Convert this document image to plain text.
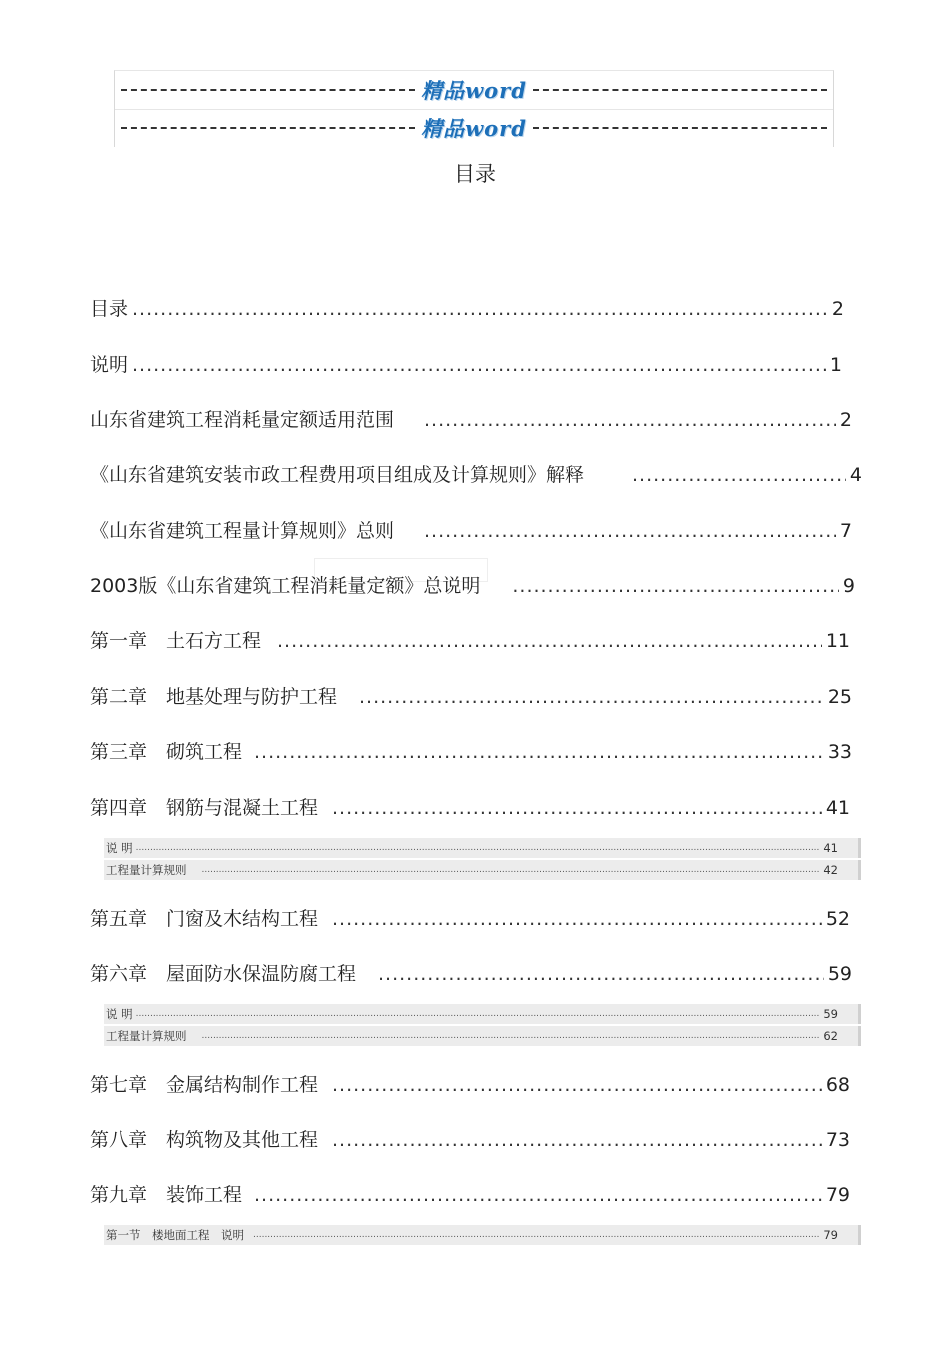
精品word
精品word
目录
目录 .....	2
说明 .....	1
山东省建筑工程消耗量定额适用范围 .....	2
《山东省建筑安装市政工程费用项目组成及计算规则》解释 .....	4
《山东省建筑工程量计算规则》总则 .....	7
2003版《山东省建筑工程消耗量定额》总说明 .....	9
第一章　土石方工程 .....	11
第二章　地基处理与防护工程 .....	25
第三章　砌筑工程 .....	33
第四章　钢筋与混凝土工程 .....	41
说 明 .....	41
工程量计算规则 .....	42
第五章　门窗及木结构工程 .....	52
第六章　屋面防水保温防腐工程 .....	59
说 明 .....	59
工程量计算规则 .....	62
第七章　金属结构制作工程 .....	68
第八章　构筑物及其他工程 .....	73
第九章　装饰工程 .....	79
第一节　楼地面工程　说明 .....	79
